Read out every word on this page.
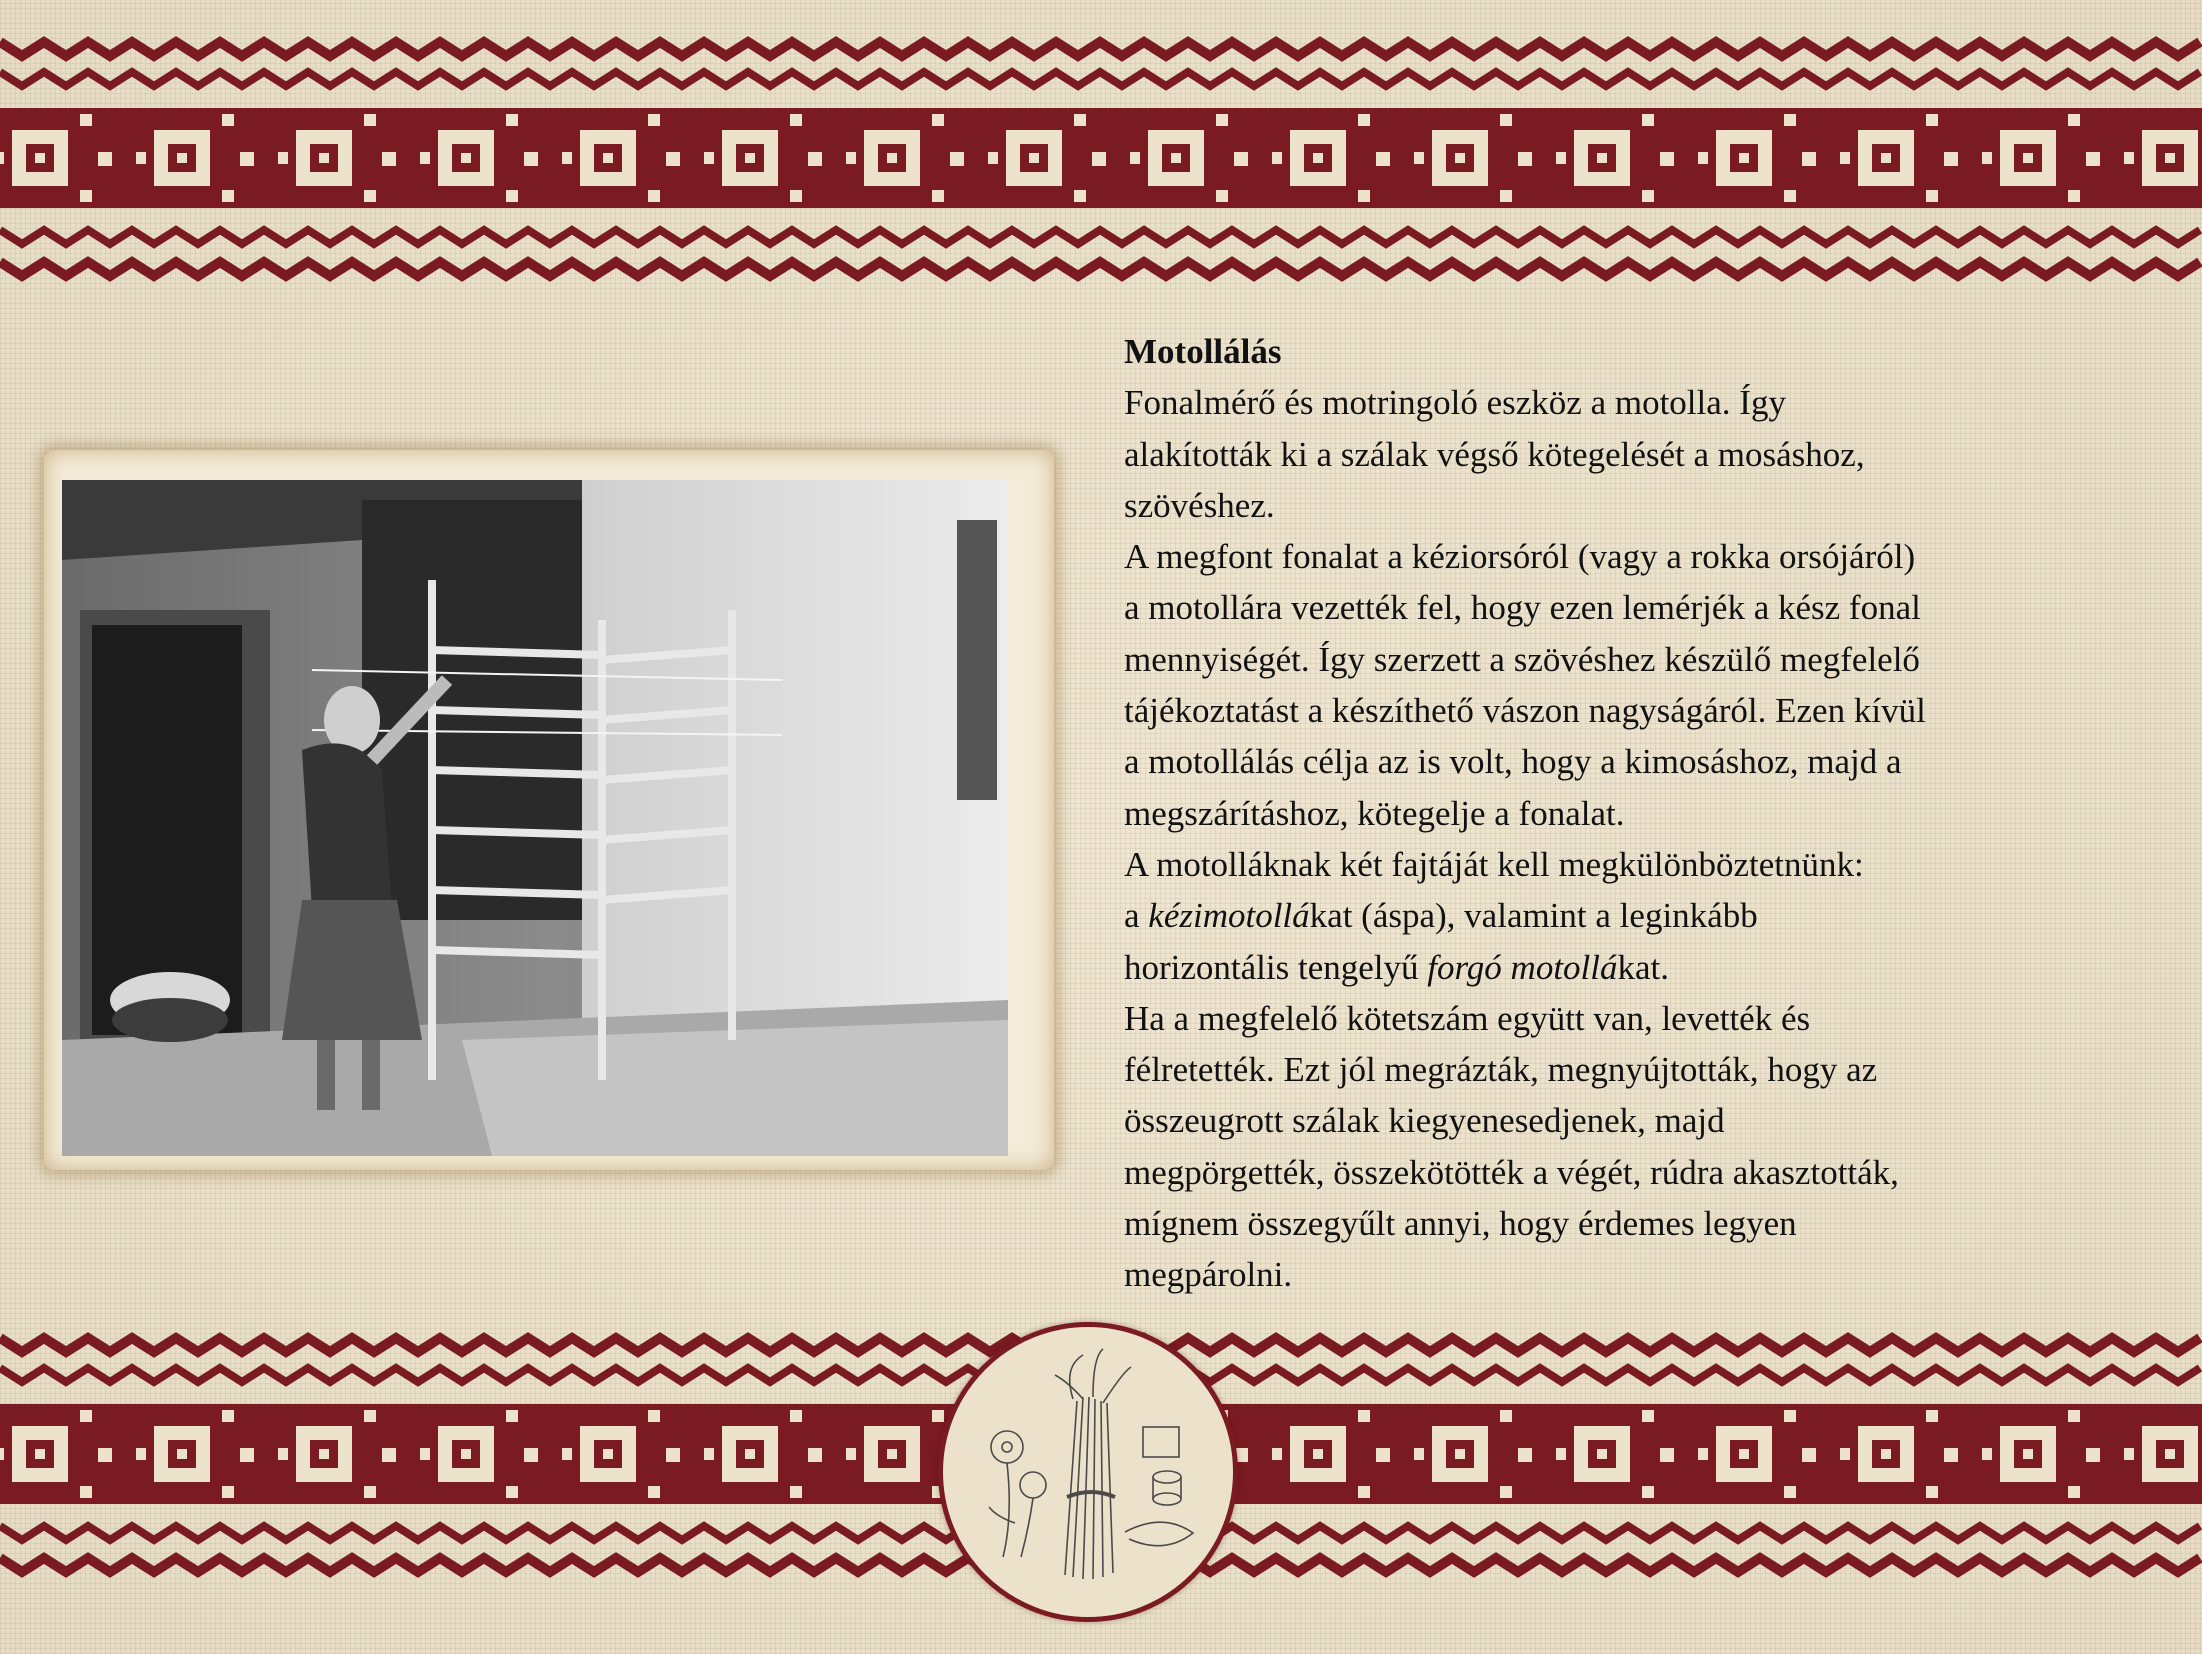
Motollálás

Fonalmérő és motringoló eszköz a motolla. Így

alakították ki a szálak végső kötegelését a mosáshoz,

szövéshez.

A megfont fonalat a kéziorsóról (vagy a rokka orsójáról)

a motollára vezették fel, hogy ezen lemérjék a kész fonal

mennyiségét. Így szerzett a szövéshez készülő megfelelő

tájékoztatást a készíthető vászon nagyságáról. Ezen kívül

a motollálás célja az is volt, hogy a kimosáshoz, majd a

megszárításhoz, kötegelje a fonalat.

A motolláknak két fajtáját kell megkülönböztetnünk:

a kézimotollákat (áspa), valamint a leginkább

horizontális tengelyű forgó motollákat.

Ha a megfelelő kötetszám együtt van, levették és

félretették. Ezt jól megrázták, megnyújtották, hogy az

összeugrott szálak kiegyenesedjenek, majd

megpörgették, összekötötték a végét, rúdra akasztották,

mígnem összegyűlt annyi, hogy érdemes legyen

megpárolni.
